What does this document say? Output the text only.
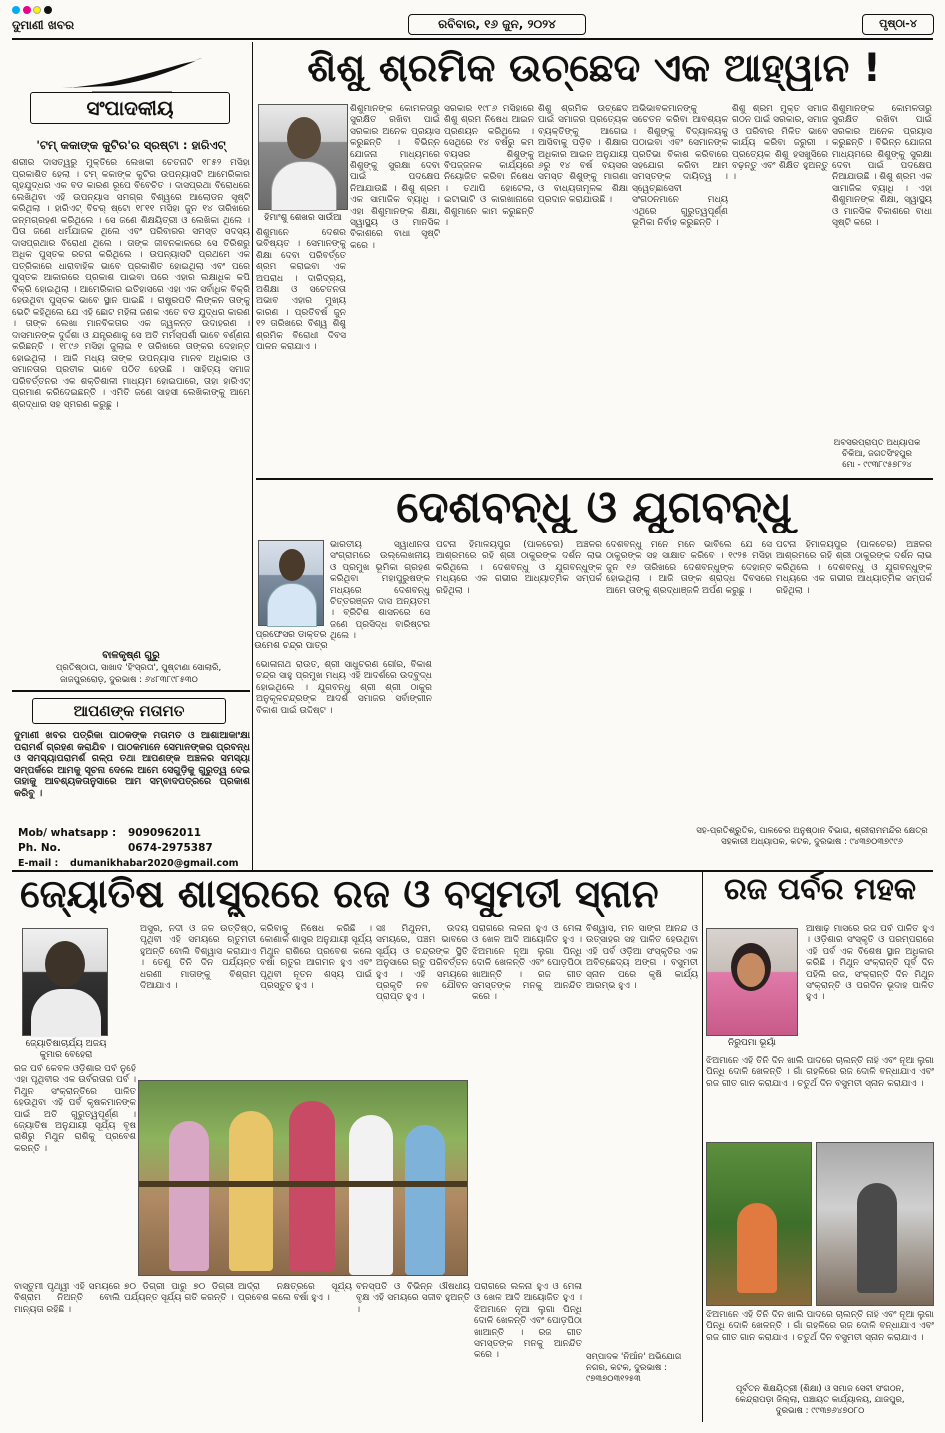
ଦୁମାଣୀ ଖବର	ରବିବାର, ୧୬ ଜୁନ, ୨୦୨୪	ପୃଷ୍ଠା-୪
ସଂପାଦକୀୟ
'ଟମ୍ କକାଙ୍କ କୁଟିର'ର ସ୍ରଷ୍ଟା : ହାରିଏଟ୍
ଶରୀର ଦାସତ୍ୱରୁ ମୁକ୍ତିରେ ଲେଖକୀ ଚେତନାଟି ୧୮୫୨ ମସିହା ପ୍ରକାଶିତ ହେଲା । ଟମ୍ କକାଙ୍କ କୁଟିର ଉପନ୍ୟାସଟି ଆମେରିକାର ଗୃହଯୁଦ୍ଧର ଏକ ବଡ କାରଣ ରୂପେ ବିବେଚିତ । ଦାସପ୍ରଥା ବିରୋଧରେ ଲେଖିଥିବା ଏହି ଉପନ୍ୟାସ ସମଗ୍ର ବିଶ୍ୱରେ ଆଲୋଡନ ସୃଷ୍ଟି କରିଥିଲା । ହାରିଏଟ୍ ବିଚର୍ ଷ୍ଟୋ ୧୮୧୧ ମସିହା ଜୁନ ୧୪ ତାରିଖରେ ଜନ୍ମଗ୍ରହଣ କରିଥିଲେ । ସେ ଜଣେ ଶିକ୍ଷୟିତ୍ରୀ ଓ ଲେଖିକା ଥିଲେ । ପିତା ଜଣେ ଧର୍ମଯାଜକ ଥିଲେ ଏବଂ ପରିବାରର ସମସ୍ତ ସଦସ୍ୟ ଦାସପ୍ରଥାର ବିରୋଧୀ ଥିଲେ । ତାଙ୍କ ଜୀବନକାଳରେ ସେ ତିରିଶରୁ ଅଧିକ ପୁସ୍ତକ ରଚନା କରିଥିଲେ । ଉପନ୍ୟାସଟି ପ୍ରଥମେ ଏକ ପତ୍ରିକାରେ ଧାରାବାହିକ ଭାବେ ପ୍ରକାଶିତ ହୋଇଥିଲା ଏବଂ ପରେ ପୁସ୍ତକ ଆକାରରେ ପ୍ରକାଶ ପାଇବା ପରେ ଏହାର ଲକ୍ଷାଧିକ କପି ବିକ୍ରି ହୋଇଥିଲା । ଆମେରିକାର ଇତିହାସରେ ଏହା ଏକ ସର୍ବାଧିକ ବିକ୍ରି ହେଉଥିବା ପୁସ୍ତକ ଭାବେ ସ୍ଥାନ ପାଇଛି । ରାଷ୍ଟ୍ରପତି ଲିଙ୍କନ ତାଙ୍କୁ ଭେଟି କହିଥିଲେ ଯେ ଏହି ଛୋଟ ମହିଳା ଜଣକ ଏତେ ବଡ ଯୁଦ୍ଧର କାରଣ । ତାଙ୍କ ଲେଖା ମାନବିକତାର ଏକ ଜ୍ୱଳନ୍ତ ଉଦାହରଣ । ଦାସମାନଙ୍କ ଦୁର୍ଦ୍ଦଶା ଓ ଯନ୍ତ୍ରଣାକୁ ସେ ଅତି ମର୍ମସ୍ପର୍ଶୀ ଭାବେ ବର୍ଣ୍ଣନା କରିଛନ୍ତି । ୧୮୯୬ ମସିହା ଜୁଲାଇ ୧ ତାରିଖରେ ତାଙ୍କର ଦେହାନ୍ତ ହୋଇଥିଲା । ଆଜି ମଧ୍ୟ ତାଙ୍କ ଉପନ୍ୟାସ ମାନବ ଅଧିକାର ଓ ସମାନତାର ପ୍ରତୀକ ଭାବେ ପଠିତ ହେଉଛି । ସାହିତ୍ୟ ସମାଜ ପରିବର୍ତ୍ତନର ଏକ ଶକ୍ତିଶାଳୀ ମାଧ୍ୟମ ହୋଇପାରେ, ତାହା ହାରିଏଟ୍ ପ୍ରମାଣ କରିଦେଇଛନ୍ତି । ଏମିତି ଜଣେ ସାହସୀ ଲେଖିକାଙ୍କୁ ଆମେ ଶ୍ରଦ୍ଧାର ସହ ସ୍ମରଣ କରୁଛୁ ।
ବାଳକୃଷ୍ଣ ଗୁରୁ
ପ୍ରତିଷ୍ଠାତା, ସାଖାଦ 'ହିଂସ୍ରତା', ପୁଷ୍ଟାଣା ସୋଲାରି,
ଜାଜପୁରରୋଡ଼, ଦୁରଭାଷ : ୬୪୮୩୮୯୮୫୩୦
ଆପଣଙ୍କ ମତାମତ
ଦୁମାଣୀ ଖବର ପତ୍ରିକା ପାଠକଙ୍କ ମତାମତ ଓ ଆଶାଆକାଂକ୍ଷା ପରାମର୍ଶ ଗ୍ରହଣ କରାଯିବ । ପାଠକମାନେ ସେମାନଙ୍କର ପ୍ରବନ୍ଧ ଓ ସମସ୍ୟାପରାମର୍ଶ ଗଳ୍ପ ତଥା ଆପଣଙ୍କ ଅଞ୍ଚଳର ସମସ୍ୟା ସମ୍ପର୍କରେ ଆମକୁ ସୂଚନା ଦେଲେ ଆମେ ସେଗୁଡ଼ିକୁ ଗୁରୁତ୍ୱ ଦେଇ ତାହାକୁ ଆବଶ୍ୟକତାନୁସାରେ ଆମ ସମ୍ବାଦପତ୍ରରେ ପ୍ରକାଶ କରିବୁ ।
Mob/ whatsapp : 9090962011
Ph. No.	0674-2975387
E-mail : dumanikhabar2020@gmail.com
ଶିଶୁ ଶ୍ରମିକ ଉଚ୍ଛେଦ ଏକ ଆହ୍ୱାନ !
ହିମାଂଶୁ ଶେଖର ସାଉଁଆ
ଶିଶୁମାନଙ୍କ କୋମଳତାରୁ ସୁରକ୍ଷିତ ରଖିବା ପାଇଁ ସରକାର ଅନେକ ପ୍ରୟାସ କରୁଛନ୍ତି । ବିଭିନ୍ନ ଯୋଜନା ମାଧ୍ୟମରେ ଶିଶୁଙ୍କୁ ସୁରକ୍ଷା ଦେବା ପାଇଁ ପଦକ୍ଷେପ ନିଆଯାଉଛି । ଶିଶୁ ଶ୍ରମ ଏକ ସାମାଜିକ ବ୍ୟାଧି । ଏହା ଶିଶୁମାନଙ୍କ ଶିକ୍ଷା, ସ୍ୱାସ୍ଥ୍ୟ ଓ ମାନସିକ ବିକାଶରେ ବାଧା ସୃଷ୍ଟି କରେ ।
ଶିଶୁମାନେ ଦେଶର ଭବିଷ୍ୟତ । ସେମାନଙ୍କୁ ଶିକ୍ଷା ଦେବା ପରିବର୍ତ୍ତେ ଶ୍ରମ କରାଇବା ଏକ ଅପରାଧ । ଦାରିଦ୍ର୍ୟ, ଅଶିକ୍ଷା ଓ ସଚେତନତା ଅଭାବ ଏହାର ମୁଖ୍ୟ କାରଣ । ପ୍ରତିବର୍ଷ ଜୁନ ୧୨ ତାରିଖରେ ବିଶ୍ୱ ଶିଶୁ ଶ୍ରମିକ ବିରୋଧୀ ଦିବସ ପାଳନ କରାଯାଏ ।
ସରକାର ୧୯୮୬ ମସିହାରେ ଶିଶୁ ଶ୍ରମ ନିଷେଧ ଆଇନ ପ୍ରଣୟନ କରିଥିଲେ । ସେଥିରେ ୧୪ ବର୍ଷରୁ କମ ବୟସର ଶିଶୁଙ୍କୁ ବିପଜ୍ଜନକ କାର୍ଯ୍ୟରେ ନିୟୋଜିତ କରିବା ନିଷେଧ । ତଥାପି ହୋଟେଲ, ଇଟାଭାଟି ଓ କାରଖାନାରେ ଶିଶୁମାନେ କାମ କରୁଛନ୍ତି ।
ଶିଶୁ ଶ୍ରମିକ ଉଚ୍ଛେଦ ପାଇଁ ସମାଜର ପ୍ରତ୍ୟେକ ବ୍ୟକ୍ତିଙ୍କୁ ଆଗେଇ ଆସିବାକୁ ପଡ଼ିବ । ଶିକ୍ଷାର ଅଧିକାର ଆଇନ ଅନୁଯାୟୀ ୬ରୁ ୧୪ ବର୍ଷ ବୟସର ସମସ୍ତ ଶିଶୁଙ୍କୁ ମାଗଣା ଓ ବାଧ୍ୟତାମୂଳକ ଶିକ୍ଷା ପ୍ରଦାନ କରାଯାଉଛି ।
ଅଭିଭାବକମାନଙ୍କୁ ସଚେତନ କରିବା ଆବଶ୍ୟକ । ଶିଶୁଙ୍କୁ ବିଦ୍ୟାଳୟକୁ ପଠାଇବା ଏବଂ ସେମାନଙ୍କ ପ୍ରତିଭା ବିକାଶ କରିବାରେ ସହଯୋଗ କରିବା ଆମ ସମସ୍ତଙ୍କ ଦାୟିତ୍ୱ । ସ୍ୱେଚ୍ଛାସେବୀ ସଂଗଠନମାନେ ମଧ୍ୟ ଏଥିରେ ଗୁରୁତ୍ୱପୂର୍ଣ୍ଣ ଭୂମିକା ନିର୍ବାହ କରୁଛନ୍ତି ।
ଶିଶୁ ଶ୍ରମ ମୁକ୍ତ ସମାଜ ଗଠନ ପାଇଁ ସରକାର, ସମାଜ ଓ ପରିବାର ମିଳିତ ଭାବେ କାର୍ଯ୍ୟ କରିବା ଜରୁରୀ । ପ୍ରତ୍ୟେକ ଶିଶୁ ହସଖୁସିରେ ବଢ଼ନ୍ତୁ ଏବଂ ଶିକ୍ଷିତ ହୁଅନ୍ତୁ ।
ଶିଶୁମାନଙ୍କ କୋମଳତାରୁ ସୁରକ୍ଷିତ ରଖିବା ପାଇଁ ସରକାର ଅନେକ ପ୍ରୟାସ କରୁଛନ୍ତି । ବିଭିନ୍ନ ଯୋଜନା ମାଧ୍ୟମରେ ଶିଶୁଙ୍କୁ ସୁରକ୍ଷା ଦେବା ପାଇଁ ପଦକ୍ଷେପ ନିଆଯାଉଛି । ଶିଶୁ ଶ୍ରମ ଏକ ସାମାଜିକ ବ୍ୟାଧି । ଏହା ଶିଶୁମାନଙ୍କ ଶିକ୍ଷା, ସ୍ୱାସ୍ଥ୍ୟ ଓ ମାନସିକ ବିକାଶରେ ବାଧା ସୃଷ୍ଟି କରେ ।
ଅବସରପ୍ରାପ୍ତ ଅଧ୍ୟାପକ
ଚିକିଆ, ଜଗତସିଂହପୁର
ମୋ - ୯୯୩୮୯୫୭୮୨୪
ଦେଶବନ୍ଧୁ ଓ ଯୁଗବନ୍ଧୁ
ପ୍ରଫେସର ଡାକ୍ତର
ଉମେଶ ଚନ୍ଦ୍ର ପାତ୍ର
ଭାରତୀୟ ସ୍ୱାଧୀନତା ସଂଗ୍ରାମରେ ଉଲ୍ଲେଖନୀୟ ଓ ପ୍ରମୁଖ ଭୂମିକା ଗ୍ରହଣ କରିଥିବା ମହାପୁରୁଷଙ୍କ ମଧ୍ୟରେ ଦେଶବନ୍ଧୁ ଚିତ୍ତରଞ୍ଜନ ଦାସ ଅନ୍ୟତମ । ବ୍ରିଟିଶ ଶାସନରେ ସେ ଜଣେ ପ୍ରସିଦ୍ଧ ବାରିଷ୍ଟର ଥିଲେ ।
ଭୋଳାନାଥ ରାଉତ, ଶ୍ରୀ ସାଧୁଚରଣ ଗୌର, ବିକାଶ ଚନ୍ଦ୍ର ସାହୁ ପ୍ରମୁଖ ମଧ୍ୟ ଏହି ଆଦର୍ଶରେ ଉଦ୍ବୁଦ୍ଧ ହୋଇଥିଲେ । ଯୁଗବନ୍ଧୁ ଶ୍ରୀ ଶ୍ରୀ ଠାକୁର ଅନୁକୂଳଚନ୍ଦ୍ରଙ୍କ ଆଦର୍ଶ ସମାଜର ସର୍ବାଙ୍ଗୀନ ବିକାଶ ପାଇଁ ଉଦ୍ଦିଷ୍ଟ ।
ପଟନା ହିମାଳୟପୁର (ପାଳଚେର) ଅଞ୍ଚଳର ଆଶ୍ରମରେ ରହି ଶ୍ରୀ ଠାକୁରଙ୍କ ଦର୍ଶନ ଲାଭ କରିଥିଲେ । ଦେଶବନ୍ଧୁ ଓ ଯୁଗବନ୍ଧୁଙ୍କ ମଧ୍ୟରେ ଏକ ଗଭୀର ଆଧ୍ୟାତ୍ମିକ ସମ୍ପର୍କ ରହିଥିଲା ।
ଦେଶବନ୍ଧୁ ମନେ ମନେ ଭାବିଲେ ଯେ ସେ ଠାକୁରଙ୍କ ସହ ସାକ୍ଷାତ କରିବେ । ୧୯୨୫ ମସିହା ଜୁନ ୧୬ ତାରିଖରେ ଦେଶବନ୍ଧୁଙ୍କ ଦେହାନ୍ତ ହୋଇଥିଲା । ଆଜି ତାଙ୍କ ଶ୍ରାଦ୍ଧ ଦିବସରେ ଆମେ ତାଙ୍କୁ ଶ୍ରଦ୍ଧାଞ୍ଜଳି ଅର୍ପଣ କରୁଛୁ ।
ପଟନା ହିମାଳୟପୁର (ପାଳଚେର) ଅଞ୍ଚଳର ଆଶ୍ରମରେ ରହି ଶ୍ରୀ ଠାକୁରଙ୍କ ଦର୍ଶନ ଲାଭ କରିଥିଲେ । ଦେଶବନ୍ଧୁ ଓ ଯୁଗବନ୍ଧୁଙ୍କ ମଧ୍ୟରେ ଏକ ଗଭୀର ଆଧ୍ୟାତ୍ମିକ ସମ୍ପର୍କ ରହିଥିଲା ।
ସହ-ପ୍ରତିଶ୍ରୁତିକ, ପାଳଚେର ଅନୁଷ୍ଠାନ ବିଭାଗ, ଶ୍ରୀରାମମନ୍ଦିର କ୍ଷେତ୍ର
ସହକାରୀ ଅଧ୍ୟାପକ, କଟକ, ଦୁରଭାଷ : ୯୪୩୭୦୩୭୯୯୬
ଜ୍ୟୋତିଷ ଶାସ୍ତ୍ରରେ ରଜ ଓ ବସୁମତୀ ସ୍ନାନ
ଜ୍ୟୋତିଷାଚାର୍ଯ୍ୟ ଅଜୟ
କୁମାର ବେହେରା
ରଜ ପର୍ବ କେବଳ ଓଡ଼ିଶାର ପର୍ବ ନୁହେଁ ଏହା ପୃଥିବୀର ଏକ ଉର୍ବରତାର ପର୍ବ । ମିଥୁନ ସଂକ୍ରାନ୍ତିରେ ପାଳିତ ହେଉଥିବା ଏହି ପର୍ବ କୃଷକମାନଙ୍କ ପାଇଁ ଅତି ଗୁରୁତ୍ୱପୂର୍ଣ୍ଣ । ଜ୍ୟୋତିଷ ଅନୁଯାୟୀ ସୂର୍ଯ୍ୟ ବୃଷ ରାଶିରୁ ମିଥୁନ ରାଶିକୁ ପ୍ରବେଶ କରନ୍ତି ।
ଅସୁର, ନଦୀ ଓ ଜଳ ଉତ୍ତିଷ୍ଠ, ପୃଥିବୀ ଏହି ସମୟରେ ଋତୁମତୀ ହୁଅନ୍ତି ବୋଲି ବିଶ୍ୱାସ କରାଯାଏ । ତେଣୁ ତିନି ଦିନ ପର୍ଯ୍ୟନ୍ତ ଧରଣୀ ମାତାଙ୍କୁ ବିଶ୍ରାମ ଦିଆଯାଏ ।
କରିବାକୁ ନିଷେଧ କରିଛି । କୋଣାର୍କ ଶାସ୍ତ୍ର ଅନୁଯାୟୀ ସୂର୍ଯ୍ୟ ମିଥୁନ ରାଶିରେ ପ୍ରବେଶ କଲେ ବର୍ଷା ଋତୁର ଆଗମନ ହୁଏ ଏବଂ ପୃଥିବୀ ନୂତନ ଶସ୍ୟ ପାଇଁ ପ୍ରସ୍ତୁତ ହୁଏ ।
ସଃ ମିଥୁନମ, ଉଦୟ ସମୟରେ, ପଞ୍ଚମ ଭାବରେ ସୂର୍ଯ୍ୟ ଓ ଚନ୍ଦ୍ରଙ୍କ ସ୍ଥିତି ଅନୁସାରେ ଋତୁ ପରିବର୍ତ୍ତନ ହୁଏ । ଏହି ସମୟରେ ପ୍ରକୃତି ନବ ଯୌବନ ପ୍ରାପ୍ତ ହୁଏ ।
ପରାଗରେ ଲଳନା ହୁଏ ଓ ମେଳା ଓ ଖେଳ ଆଦି ଆୟୋଜିତ ହୁଏ । ଝିଅମାନେ ନୂଆ ଲୁଗା ପିନ୍ଧି ଦୋଳି ଖେଳନ୍ତି ଏବଂ ପୋଡ଼ପିଠା ଖାଆନ୍ତି । ରଜ ଗୀତ ସମସ୍ତଙ୍କ ମନକୁ ଆନନ୍ଦିତ କରେ ।
ବିଶ୍ୱାସ, ମନ ସାଙ୍ଗ ଆନନ୍ଦ ଓ ଉତ୍ସାହର ସହ ପାଳିତ ହେଉଥିବା ଏହି ପର୍ବ ଓଡ଼ିଆ ସଂସ୍କୃତିର ଏକ ଅବିଚ୍ଛେଦ୍ୟ ଅଙ୍ଗ । ବସୁମତୀ ସ୍ନାନ ପରେ କୃଷି କାର୍ଯ୍ୟ ଆରମ୍ଭ ହୁଏ ।
ବାସ୍ତୁମୀ ପୃଥ୍ୱୀ ଏହି ସମୟରେ ବିଶ୍ରାମ ନିଅନ୍ତି ବୋଲି ମାନ୍ୟତା ରହିଛି ।
୭୦ ଡିଗ୍ରୀ ପାରୁ ୭୦ ଡିଗ୍ରୀ ପର୍ଯ୍ୟନ୍ତ ସୂର୍ଯ୍ୟ ଗତି କରନ୍ତି ।
ଆର୍ଦ୍ରା ନକ୍ଷତ୍ରରେ ସୂର୍ଯ୍ୟ ପ୍ରବେଶ କଲେ ବର୍ଷା ହୁଏ ।
ବନସ୍ପତି ଓ ବିଭିନ୍ନ ଔଷଧୀୟ ବୃକ୍ଷ ଏହି ସମୟରେ ସଜୀବ ହୁଅନ୍ତି ।
ପରାଗରେ ଲଳନା ହୁଏ ଓ ମେଳା ଓ ଖେଳ ଆଦି ଆୟୋଜିତ ହୁଏ । ଝିଅମାନେ ନୂଆ ଲୁଗା ପିନ୍ଧି ଦୋଳି ଖେଳନ୍ତି ଏବଂ ପୋଡ଼ପିଠା ଖାଆନ୍ତି । ରଜ ଗୀତ ସମସ୍ତଙ୍କ ମନକୁ ଆନନ୍ଦିତ କରେ ।	ସମ୍ପାଦକ 'ନିଆଁନ' ଅଭିଯୋଗ
ନଗର, କଟକ, ଦୁରଭାଷ :
୯୭୩୭୦୩୧୨୫୩
ରଜ ପର୍ବର ମହକ
ନିରୁପମା ଭୂୟାଁ
ଆଷାଢ଼ ମାସରେ ରଜ ପର୍ବ ପାଳିତ ହୁଏ । ଓଡ଼ିଶାର ସଂସ୍କୃତି ଓ ପରମ୍ପରାରେ ଏହି ପର୍ବ ଏକ ବିଶେଷ ସ୍ଥାନ ଅଧିକାର କରିଛି । ମିଥୁନ ସଂକ୍ରାନ୍ତି ପୂର୍ବ ଦିନ ପହିଲି ରଜ, ସଂକ୍ରାନ୍ତି ଦିନ ମିଥୁନ ସଂକ୍ରାନ୍ତି ଓ ପରଦିନ ଭୂଦାହ ପାଳିତ ହୁଏ ।
ଝିଅମାନେ ଏହି ତିନି ଦିନ ଖାଲି ପାଦରେ ଚାଲନ୍ତି ନାହିଁ ଏବଂ ନୂଆ ଲୁଗା ପିନ୍ଧି ଦୋଳି ଖେଳନ୍ତି । ଗାଁ ଗହଳିରେ ରଜ ଦୋଳି ବନ୍ଧାଯାଏ ଏବଂ ରଜ ଗୀତ ଗାନ କରାଯାଏ । ଚତୁର୍ଥ ଦିନ ବସୁମତୀ ସ୍ନାନ କରାଯାଏ ।
ଝିଅମାନେ ଏହି ତିନି ଦିନ ଖାଲି ପାଦରେ ଚାଲନ୍ତି ନାହିଁ ଏବଂ ନୂଆ ଲୁଗା ପିନ୍ଧି ଦୋଳି ଖେଳନ୍ତି । ଗାଁ ଗହଳିରେ ରଜ ଦୋଳି ବନ୍ଧାଯାଏ ଏବଂ ରଜ ଗୀତ ଗାନ କରାଯାଏ । ଚତୁର୍ଥ ଦିନ ବସୁମତୀ ସ୍ନାନ କରାଯାଏ ।
ପୂର୍ବତନ ଶିକ୍ଷୟିତ୍ରୀ (ଶିକ୍ଷା) ଓ ସମାଜ ସେବୀ ସଂଗଠନ,
କେନ୍ଦ୍ରାପଡ଼ା ଜିଲ୍ଲା, ପଞ୍ଚାୟତ କାର୍ଯ୍ୟାଳୟ, ଯାଜପୁର,
ଦୁରଭାଷ : ୯୯୩୭୬୪୭୦୮୦
